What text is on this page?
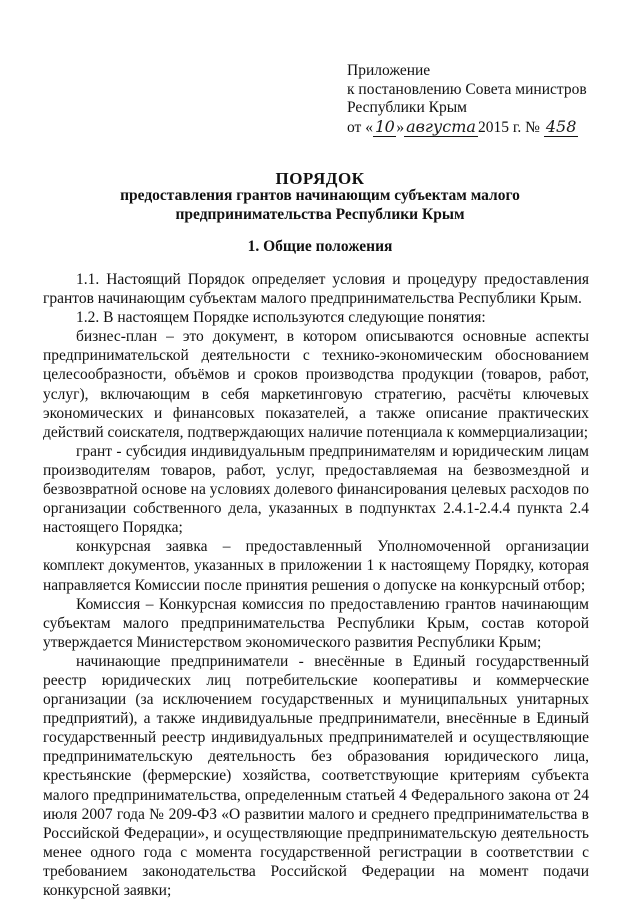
Приложение
к постановлению Совета министров
Республики Крым
от « 10 » августа 2015 г. № 458
ПОРЯДОК
предоставления грантов начинающим субъектам малого
предпринимательства Республики Крым
1. Общие положения

1.1. Настоящий Порядок определяет условия и процедуру предоставления грантов начинающим субъектам малого предпринимательства Республики Крым.

1.2. В настоящем Порядке используются следующие понятия:

бизнес-план – это документ, в котором описываются основные аспекты предпринимательской деятельности с технико-экономическим обоснованием целесообразности, объёмов и сроков производства продукции (товаров, работ, услуг), включающим в себя маркетинговую стратегию, расчёты ключевых экономических и финансовых показателей, а также описание практических действий соискателя, подтверждающих наличие потенциала к коммерциализации;

грант - субсидия индивидуальным предпринимателям и юридическим лицам производителям товаров, работ, услуг, предоставляемая на безвозмездной и безвозвратной основе на условиях долевого финансирования целевых расходов по организации собственного дела, указанных в подпунктах 2.4.1-2.4.4 пункта 2.4 настоящего Порядка;

конкурсная заявка – предоставленный Уполномоченной организации комплект документов, указанных в приложении 1 к настоящему Порядку, которая направляется Комиссии после принятия решения о допуске на конкурсный отбор;

Комиссия – Конкурсная комиссия по предоставлению грантов начинающим субъектам малого предпринимательства Республики Крым, состав которой утверждается Министерством экономического развития Республики Крым;

начинающие предприниматели - внесённые в Единый государственный реестр юридических лиц потребительские кооперативы и коммерческие организации (за исключением государственных и муниципальных унитарных предприятий), а также индивидуальные предприниматели, внесённые в Единый государственный реестр индивидуальных предпринимателей и осуществляющие предпринимательскую деятельность без образования юридического лица, крестьянские (фермерские) хозяйства, соответствующие критериям субъекта малого предпринимательства, определенным статьей 4 Федерального закона от 24 июля 2007 года № 209-ФЗ «О развитии малого и среднего предпринимательства в Российской Федерации», и осуществляющие предпринимательскую деятельность менее одного года с момента государственной регистрации в соответствии с требованием законодательства Российской Федерации на момент подачи конкурсной заявки;
